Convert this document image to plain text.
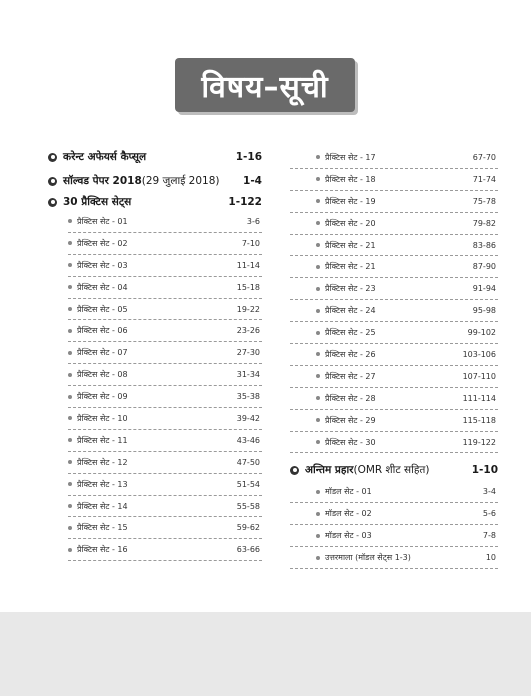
विषय–सूची
करेन्ट अफेयर्स कैप्सूल	1-16
सॉल्वड पेपर 2018 (29 जुलाई 2018) 1-4
30 प्रैक्टिस सेट्स	1-122
प्रैक्टिस सेट - 01	3-6
प्रैक्टिस सेट - 02	7-10
प्रैक्टिस सेट - 03	11-14
प्रैक्टिस सेट - 04	15-18
प्रैक्टिस सेट - 05	19-22
प्रैक्टिस सेट - 06	23-26
प्रैक्टिस सेट - 07	27-30
प्रैक्टिस सेट - 08	31-34
प्रैक्टिस सेट - 09	35-38
प्रैक्टिस सेट - 10	39-42
प्रैक्टिस सेट - 11	43-46
प्रैक्टिस सेट - 12	47-50
प्रैक्टिस सेट - 13	51-54
प्रैक्टिस सेट - 14	55-58
प्रैक्टिस सेट - 15	59-62
प्रैक्टिस सेट - 16	63-66
प्रैक्टिस सेट - 17	67-70
प्रैक्टिस सेट - 18	71-74
प्रैक्टिस सेट - 19	75-78
प्रैक्टिस सेट - 20	79-82
प्रैक्टिस सेट - 21	83-86
प्रैक्टिस सेट - 21	87-90
प्रैक्टिस सेट - 23	91-94
प्रैक्टिस सेट - 24	95-98
प्रैक्टिस सेट - 25	99-102
प्रैक्टिस सेट - 26	103-106
प्रैक्टिस सेट - 27	107-110
प्रैक्टिस सेट - 28	111-114
प्रैक्टिस सेट - 29	115-118
प्रैक्टिस सेट - 30	119-122
अन्तिम प्रहार (OMR शीट सहित)	1-10
मॉडल सेट - 01	3-4
मॉडल सेट - 02	5-6
मॉडल सेट - 03	7-8
उत्तरमाला (मॉडल सेट्स 1-3)	10
